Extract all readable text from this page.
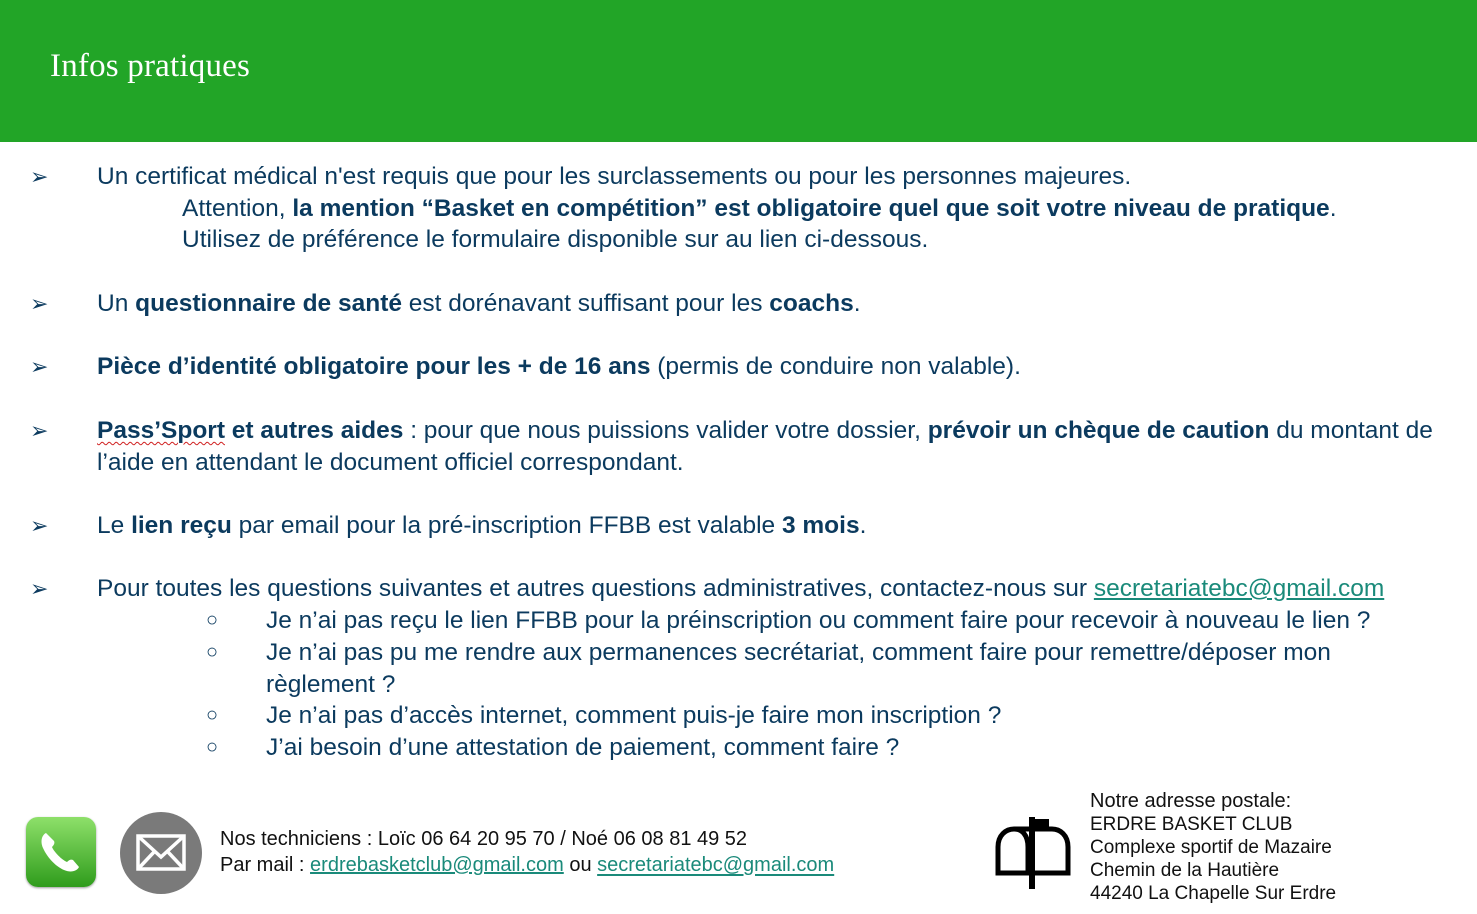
Infos pratiques
➢ Un certificat médical n'est requis que pour les surclassements ou pour les personnes majeures.
Attention, la mention “Basket en compétition” est obligatoire quel que soit votre niveau de pratique.
Utilisez de préférence le formulaire disponible sur au lien ci-dessous.
➢ Un questionnaire de santé est dorénavant suffisant pour les coachs.
➢ Pièce d’identité obligatoire pour les + de 16 ans (permis de conduire non valable).
➢ Pass’Sport et autres aides : pour que nous puissions valider votre dossier, prévoir un chèque de caution du montant de l’aide en attendant le document officiel correspondant.
➢ Le lien reçu par email pour la pré-inscription FFBB est valable 3 mois.
➢ Pour toutes les questions suivantes et autres questions administratives, contactez-nous sur secretariatebc@gmail.com
○ Je n’ai pas reçu le lien FFBB pour la préinscription ou comment faire pour recevoir à nouveau le lien ?
○ Je n’ai pas pu me rendre aux permanences secrétariat, comment faire pour remettre/déposer mon règlement ?
○ Je n’ai pas d’accès internet, comment puis-je faire mon inscription ?
○ J’ai besoin d’une attestation de paiement, comment faire ?
Nos techniciens : Loïc 06 64 20 95 70 / Noé 06 08 81 49 52
Par mail : erdrebasketclub@gmail.com ou secretariatebc@gmail.com
Notre adresse postale:
ERDRE BASKET CLUB
Complexe sportif de Mazaire
Chemin de la Hautière
44240 La Chapelle Sur Erdre
